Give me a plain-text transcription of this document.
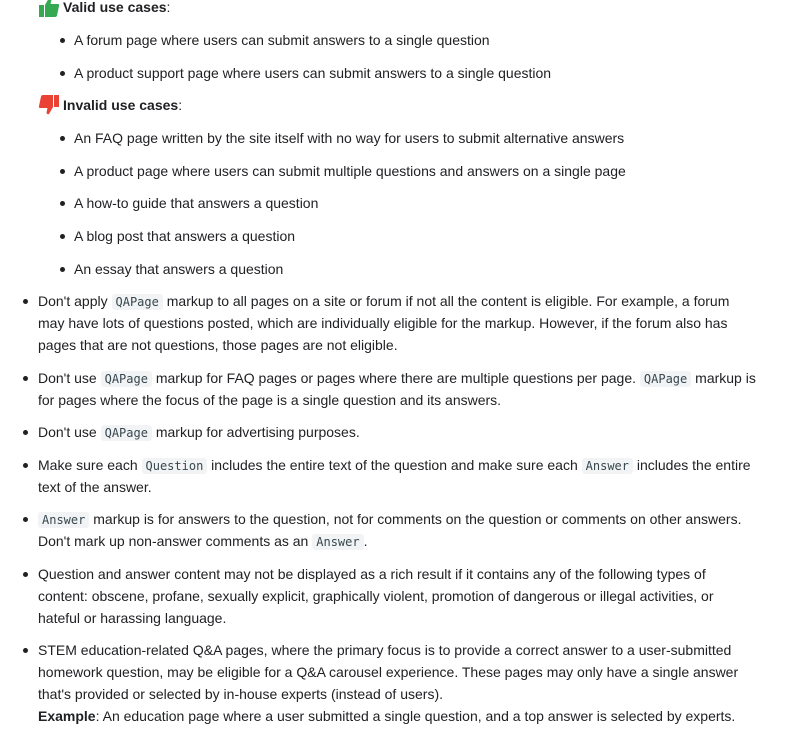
Valid use cases :
A forum page where users can submit answers to a single question
A product support page where users can submit answers to a single question
Invalid use cases :
An FAQ page written by the site itself with no way for users to submit alternative answers
A product page where users can submit multiple questions and answers on a single page
A how-to guide that answers a question
A blog post that answers a question
An essay that answers a question
Don't apply QAPage markup to all pages on a site or forum if not all the content is eligible. For example, a forum
may have lots of questions posted, which are individually eligible for the markup. However, if the forum also has
pages that are not questions, those pages are not eligible.
Don't use QAPage markup for FAQ pages or pages where there are multiple questions per page. QAPage markup is
for pages where the focus of the page is a single question and its answers.
Don't use QAPage markup for advertising purposes.
Make sure each Question includes the entire text of the question and make sure each Answer includes the entire
text of the answer.
Answer markup is for answers to the question, not for comments on the question or comments on other answers.
Don't mark up non-answer comments as an Answer .
Question and answer content may not be displayed as a rich result if it contains any of the following types of
content: obscene, profane, sexually explicit, graphically violent, promotion of dangerous or illegal activities, or
hateful or harassing language.
STEM education-related Q&A pages, where the primary focus is to provide a correct answer to a user-submitted
homework question, may be eligible for a Q&A carousel experience. These pages may only have a single answer
that's provided or selected by in-house experts (instead of users).
Example: An education page where a user submitted a single question, and a top answer is selected by experts.
